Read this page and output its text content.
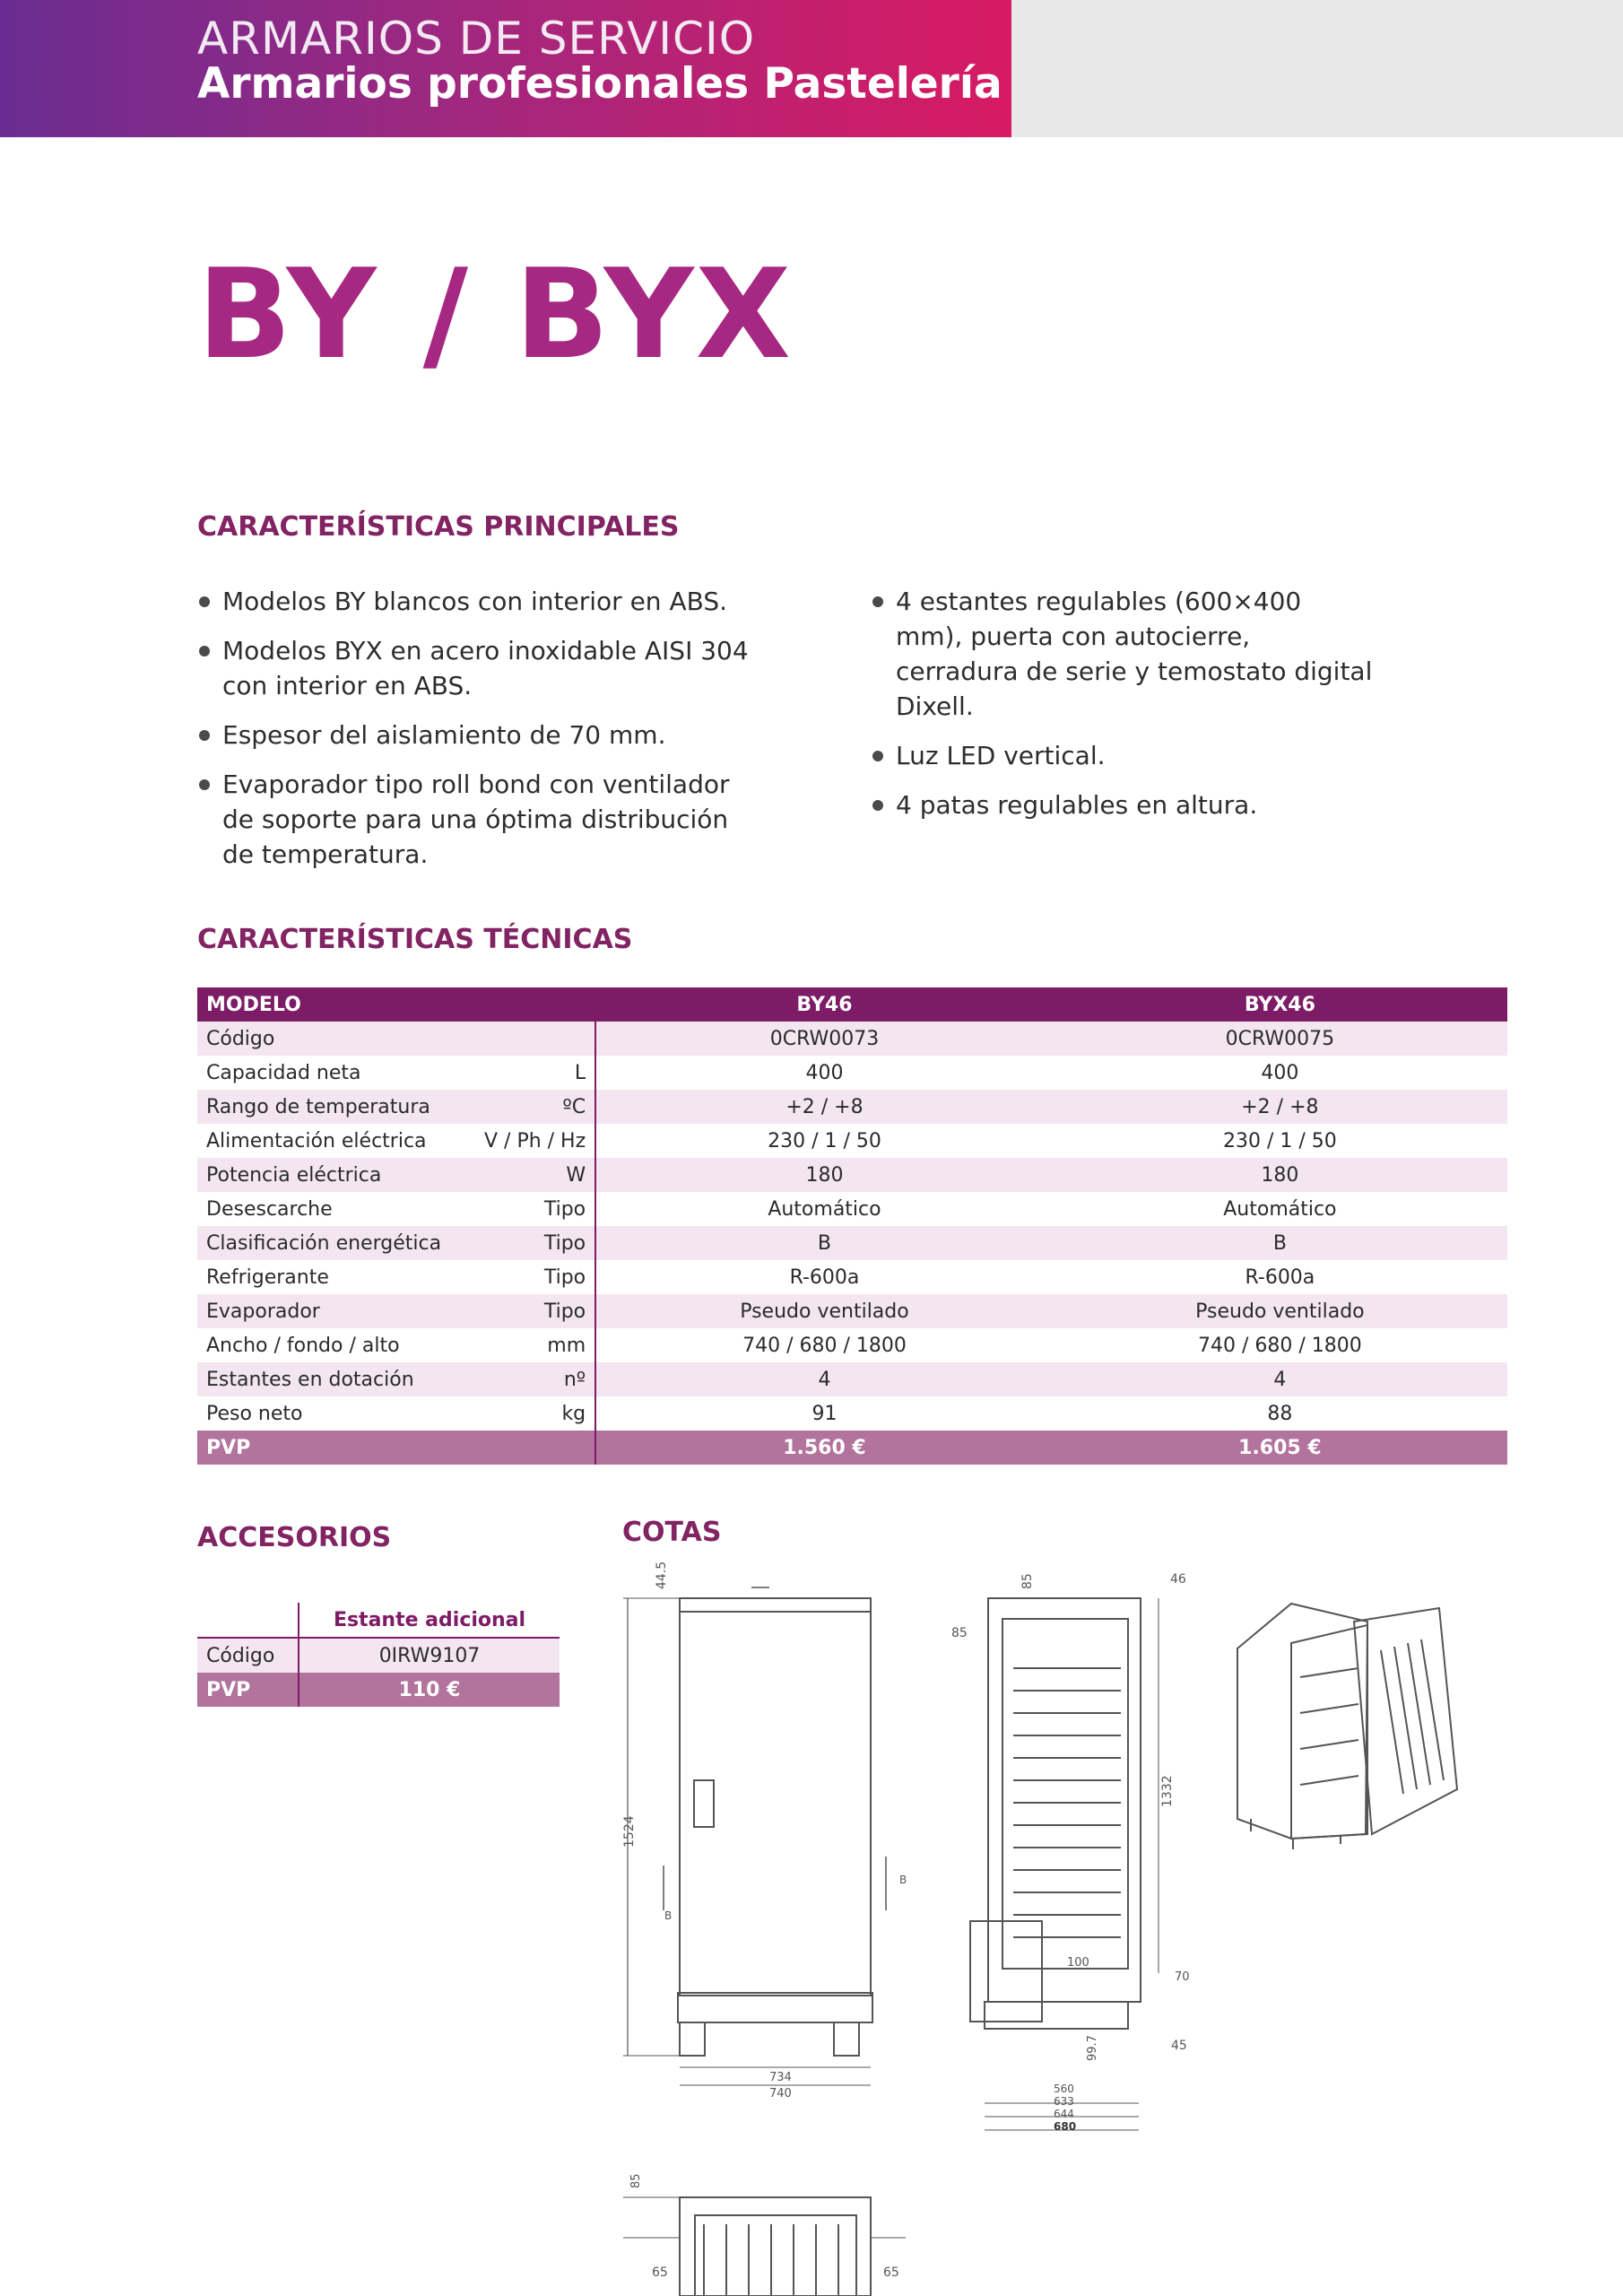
ARMARIOS DE SERVICIO
Armarios profesionales Pastelería
BY / BYX
CARACTERÍSTICAS PRINCIPALES
Modelos BY blancos con interior en ABS.
Modelos BYX en acero inoxidable AISI 304 con interior en ABS.
Espesor del aislamiento de 70 mm.
Evaporador tipo roll bond con ventilador de soporte para una óptima distribución de temperatura.
4 estantes regulables (600×400 mm), puerta con autocierre, cerradura de serie y temostato digital Dixell.
Luz LED vertical.
4 patas regulables en altura.
CARACTERÍSTICAS TÉCNICAS
MODELO		BY46	BYX46
Código		0CRW0073	0CRW0075
Capacidad neta	L	400	400
Rango de temperatura	ºC	+2 / +8	+2 / +8
Alimentación eléctrica	V / Ph / Hz	230 / 1 / 50	230 / 1 / 50
Potencia eléctrica	W	180	180
Desescarche	Tipo	Automático	Automático
Clasificación energética	Tipo	B	B
Refrigerante	Tipo	R-600a	R-600a
Evaporador	Tipo	Pseudo ventilado	Pseudo ventilado
Ancho / fondo / alto	mm	740 / 680 / 1800	740 / 680 / 1800
Estantes en dotación	nº	4	4
Peso neto	kg	91	88
PVP		1.560 €	1.605 €
ACCESORIOS
	Estante adicional
Código	0IRW9107
PVP	110 €
COTAS
44.5
1524
B
B
734
740
85	46
85
1332
100
70
45
99.7
560
633
644
680
85
65	65
